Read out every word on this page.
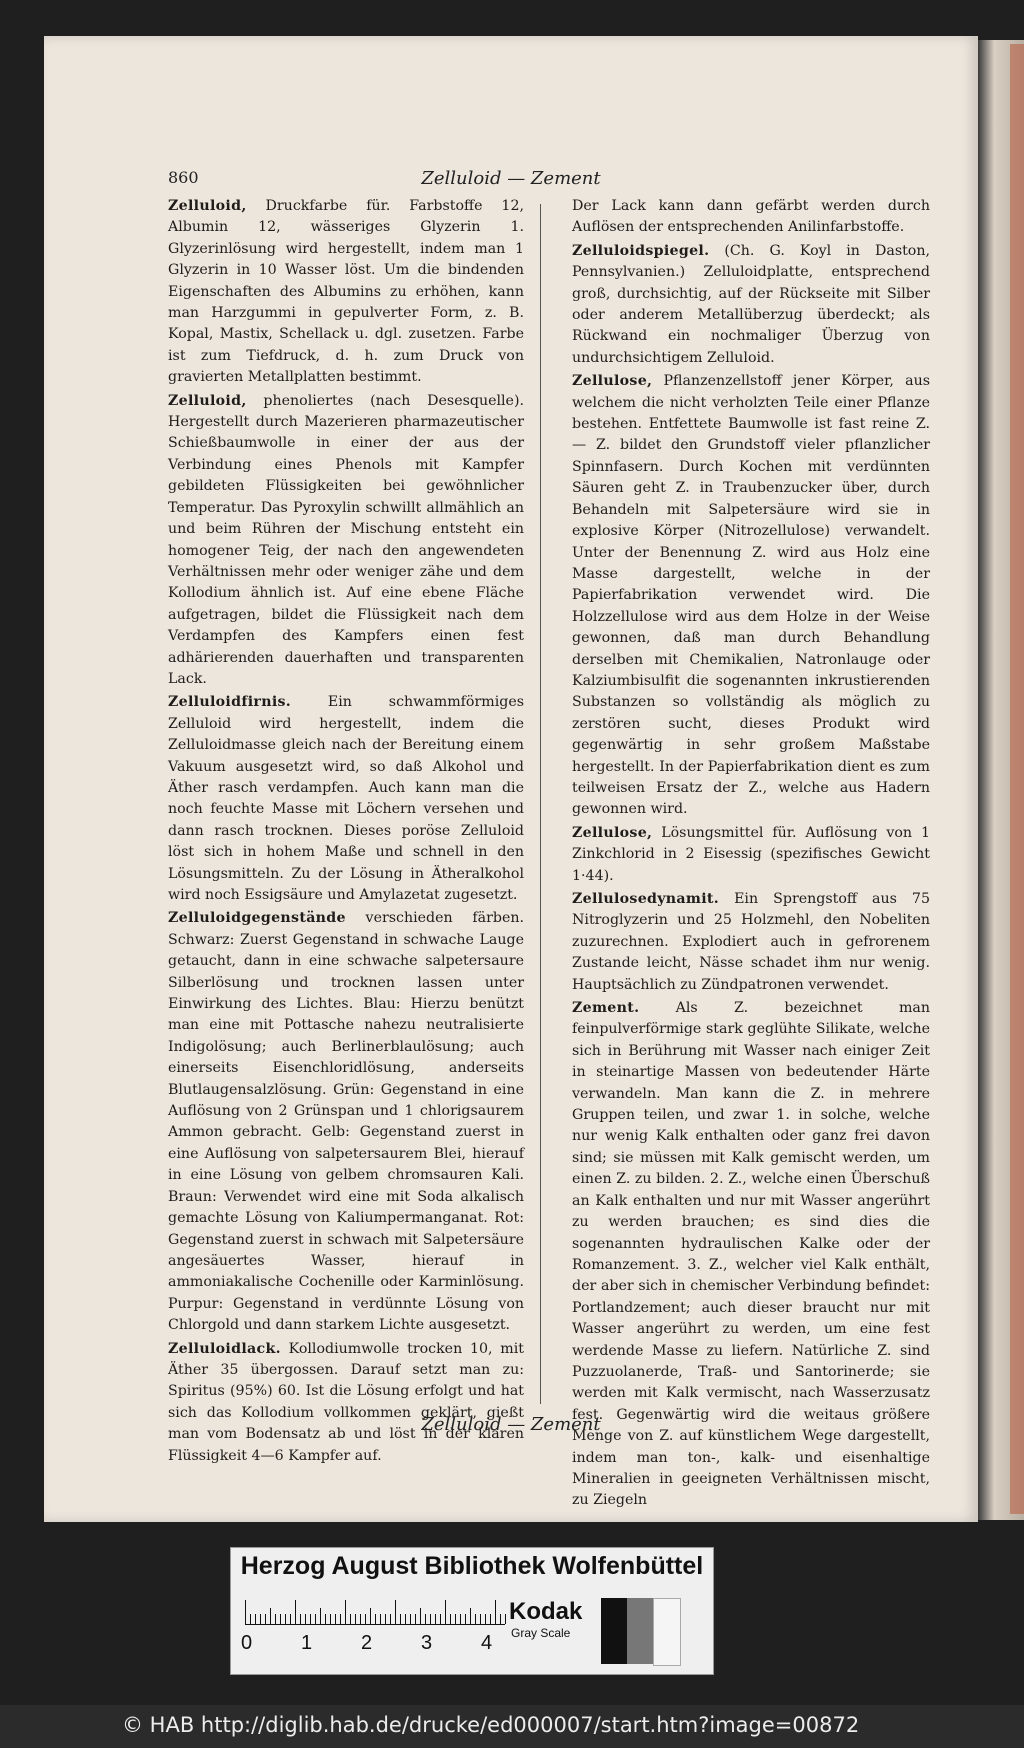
860	Zelluloid — Zement

Zelluloid, Druckfarbe für. Farbstoffe 12, Albumin 12, wässeriges Glyzerin 1. Glyzerinlösung wird hergestellt, indem man 1 Glyzerin in 10 Wasser löst. Um die bindenden Eigenschaften des Albumins zu erhöhen, kann man Harzgummi in gepulverter Form, z. B. Kopal, Mastix, Schellack u. dgl. zusetzen. Farbe ist zum Tiefdruck, d. h. zum Druck von gravierten Metallplatten bestimmt.

Zelluloid, phenoliertes (nach Desesquelle). Hergestellt durch Mazerieren pharmazeutischer Schießbaumwolle in einer der aus der Verbindung eines Phenols mit Kampfer gebildeten Flüssigkeiten bei gewöhnlicher Temperatur. Das Pyroxylin schwillt allmählich an und beim Rühren der Mischung entsteht ein homogener Teig, der nach den angewendeten Verhältnissen mehr oder weniger zähe und dem Kollodium ähnlich ist. Auf eine ebene Fläche aufgetragen, bildet die Flüssigkeit nach dem Verdampfen des Kampfers einen fest adhärierenden dauerhaften und transparenten Lack.

Zelluloidfirnis. Ein schwammförmiges Zelluloid wird hergestellt, indem die Zelluloidmasse gleich nach der Bereitung einem Vakuum ausgesetzt wird, so daß Alkohol und Äther rasch verdampfen. Auch kann man die noch feuchte Masse mit Löchern versehen und dann rasch trocknen. Dieses poröse Zelluloid löst sich in hohem Maße und schnell in den Lösungsmitteln. Zu der Lösung in Ätheralkohol wird noch Essigsäure und Amylazetat zugesetzt.

Zelluloidgegenstände verschieden färben. Schwarz: Zuerst Gegenstand in schwache Lauge getaucht, dann in eine schwache salpetersaure Silberlösung und trocknen lassen unter Einwirkung des Lichtes. Blau: Hierzu benützt man eine mit Pottasche nahezu neutralisierte Indigolösung; auch Berlinerblaulösung; auch einerseits Eisenchloridlösung, anderseits Blutlaugensalzlösung. Grün: Gegenstand in eine Auflösung von 2 Grünspan und 1 chlorigsaurem Ammon gebracht. Gelb: Gegenstand zuerst in eine Auflösung von salpetersaurem Blei, hierauf in eine Lösung von gelbem chromsauren Kali. Braun: Verwendet wird eine mit Soda alkalisch gemachte Lösung von Kaliumpermanganat. Rot: Gegenstand zuerst in schwach mit Salpetersäure angesäuertes Wasser, hierauf in ammoniakalische Cochenille oder Karminlösung. Purpur: Gegenstand in verdünnte Lösung von Chlorgold und dann starkem Lichte ausgesetzt.

Zelluloidlack. Kollodiumwolle trocken 10, mit Äther 35 übergossen. Darauf setzt man zu: Spiritus (95%) 60. Ist die Lösung erfolgt und hat sich das Kollodium vollkommen geklärt, gießt man vom Bodensatz ab und löst in der klaren Flüssigkeit 4—6 Kampfer auf.

Der Lack kann dann gefärbt werden durch Auflösen der entsprechenden Anilinfarbstoffe.

Zelluloidspiegel. (Ch. G. Koyl in Daston, Pennsylvanien.) Zelluloidplatte, entsprechend groß, durchsichtig, auf der Rückseite mit Silber oder anderem Metallüberzug überdeckt; als Rückwand ein nochmaliger Überzug von undurchsichtigem Zelluloid.

Zellulose, Pflanzenzellstoff jener Körper, aus welchem die nicht verholzten Teile einer Pflanze bestehen. Entfettete Baumwolle ist fast reine Z. — Z. bildet den Grundstoff vieler pflanzlicher Spinnfasern. Durch Kochen mit verdünnten Säuren geht Z. in Traubenzucker über, durch Behandeln mit Salpetersäure wird sie in explosive Körper (Nitrozellulose) verwandelt. Unter der Benennung Z. wird aus Holz eine Masse dargestellt, welche in der Papierfabrikation verwendet wird. Die Holzzellulose wird aus dem Holze in der Weise gewonnen, daß man durch Behandlung derselben mit Chemikalien, Natronlauge oder Kalziumbisulfit die sogenannten inkrustierenden Substanzen so vollständig als möglich zu zerstören sucht, dieses Produkt wird gegenwärtig in sehr großem Maßstabe hergestellt. In der Papierfabrikation dient es zum teilweisen Ersatz der Z., welche aus Hadern gewonnen wird.

Zellulose, Lösungsmittel für. Auflösung von 1 Zinkchlorid in 2 Eisessig (spezifisches Gewicht 1·44).

Zellulosedynamit. Ein Sprengstoff aus 75 Nitroglyzerin und 25 Holzmehl, den Nobeliten zuzurechnen. Explodiert auch in gefrorenem Zustande leicht, Nässe schadet ihm nur wenig. Hauptsächlich zu Zündpatronen verwendet.

Zement. Als Z. bezeichnet man feinpulverförmige stark geglühte Silikate, welche sich in Berührung mit Wasser nach einiger Zeit in steinartige Massen von bedeutender Härte verwandeln. Man kann die Z. in mehrere Gruppen teilen, und zwar 1. in solche, welche nur wenig Kalk enthalten oder ganz frei davon sind; sie müssen mit Kalk gemischt werden, um einen Z. zu bilden. 2. Z., welche einen Überschuß an Kalk enthalten und nur mit Wasser angerührt zu werden brauchen; es sind dies die sogenannten hydraulischen Kalke oder der Romanzement. 3. Z., welcher viel Kalk enthält, der aber sich in chemischer Verbindung befindet: Portlandzement; auch dieser braucht nur mit Wasser angerührt zu werden, um eine fest werdende Masse zu liefern. Natürliche Z. sind Puzzuolanerde, Traß- und Santorinerde; sie werden mit Kalk vermischt, nach Wasserzusatz fest. Gegenwärtig wird die weitaus größere Menge von Z. auf künstlichem Wege dargestellt, indem man ton-, kalk- und eisenhaltige Mineralien in geeigneten Verhältnissen mischt, zu Ziegeln

Zelluloid — Zement
Herzog August Bibliothek Wolfenbüttel
0 1 2 3 4
Kodak
Gray Scale
© HAB http://diglib.hab.de/drucke/ed000007/start.htm?image=00872
